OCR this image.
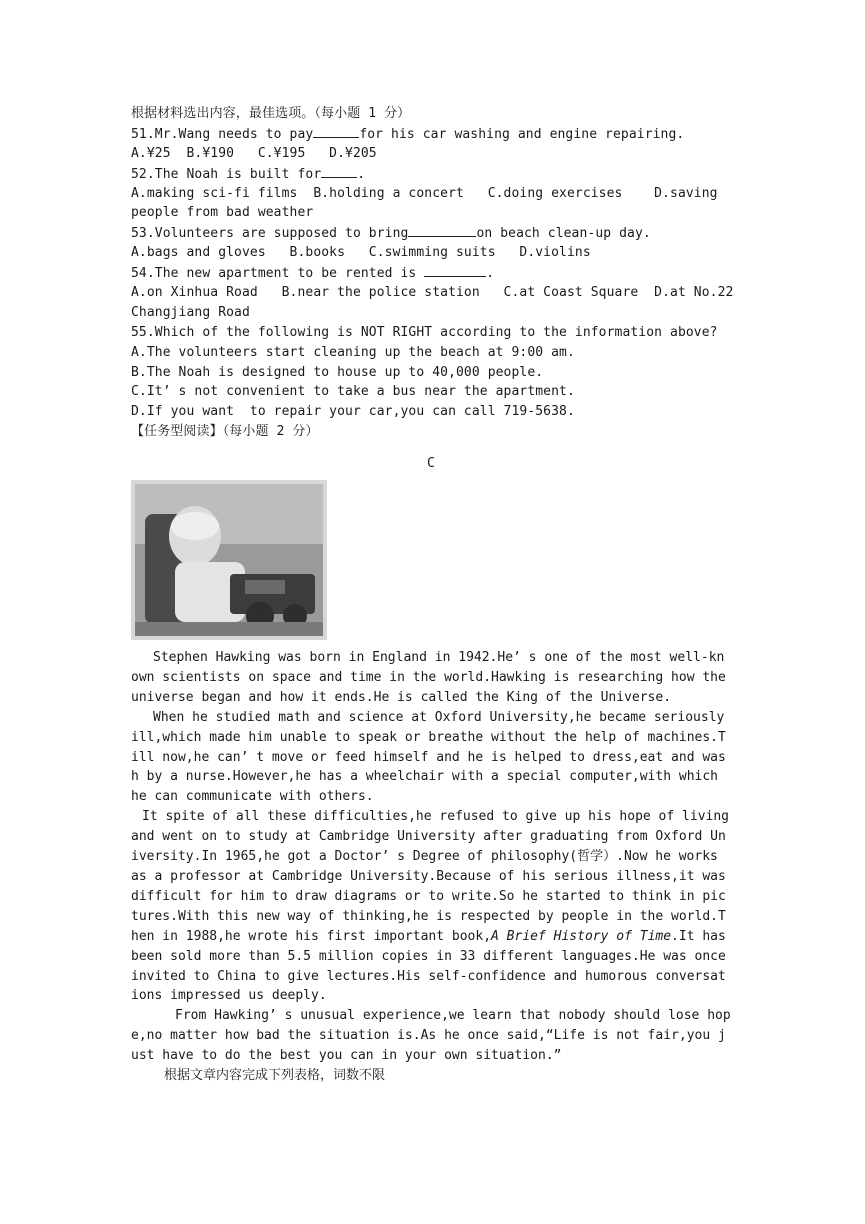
根据材料选出内容，最佳选项。（每小题 1 分）
51.Mr.Wang needs to pay	for his car washing and engine repairing.
A.¥25  B.¥190   C.¥195   D.¥205
52.The Noah is built for	.
A.making sci-fi films  B.holding a concert   C.doing exercises    D.saving
people from bad weather
53.Volunteers are supposed to bring	on beach clean-up day.
A.bags and gloves   B.books   C.swimming suits   D.violins
54.The new apartment to be rented is	.
A.on Xinhua Road   B.near the police station   C.at Coast Square  D.at No.22
Changjiang Road
55.Which of the following is NOT RIGHT according to the information above?
A.The volunteers start cleaning up the beach at 9:00 am.
B.The Noah is designed to house up to 40,000 people.
C.It’ s not convenient to take a bus near the apartment.
D.If you want  to repair your car,you can call 719-5638.
【任务型阅读】（每小题 2 分）
C
Stephen Hawking was born in England in 1942.He’ s one of the most well-known scientists on space and time in the world.Hawking is researching how the universe began and how it ends.He is called the King of the Universe.
When he studied math and science at Oxford University,he became seriously ill,which made him unable to speak or breathe without the help of machines.Till now,he can’ t move or feed himself and he is helped to dress,eat and wash by a nurse.However,he has a wheelchair with a special computer,with which he can communicate with others.
It spite of all these difficulties,he refused to give up his hope of living and went on to study at Cambridge University after graduating from Oxford University.In 1965,he got a Doctor’ s Degree of philosophy(哲学）.Now he works as a professor at Cambridge University.Because of his serious illness,it was difficult for him to draw diagrams or to write.So he started to think in pictures.With this new way of thinking,he is respected by people in the world.Then in 1988,he wrote his first important book,A Brief History of Time.It has been sold more than 5.5 million copies in 33 different languages.He was once invited to China to give lectures.His self-confidence and humorous conversations impressed us deeply.
From Hawking’ s unusual experience,we learn that nobody should lose hope,no matter how bad the situation is.As he once said,“Life is not fair,you just have to do the best you can in your own situation.”
根据文章内容完成下列表格，词数不限
